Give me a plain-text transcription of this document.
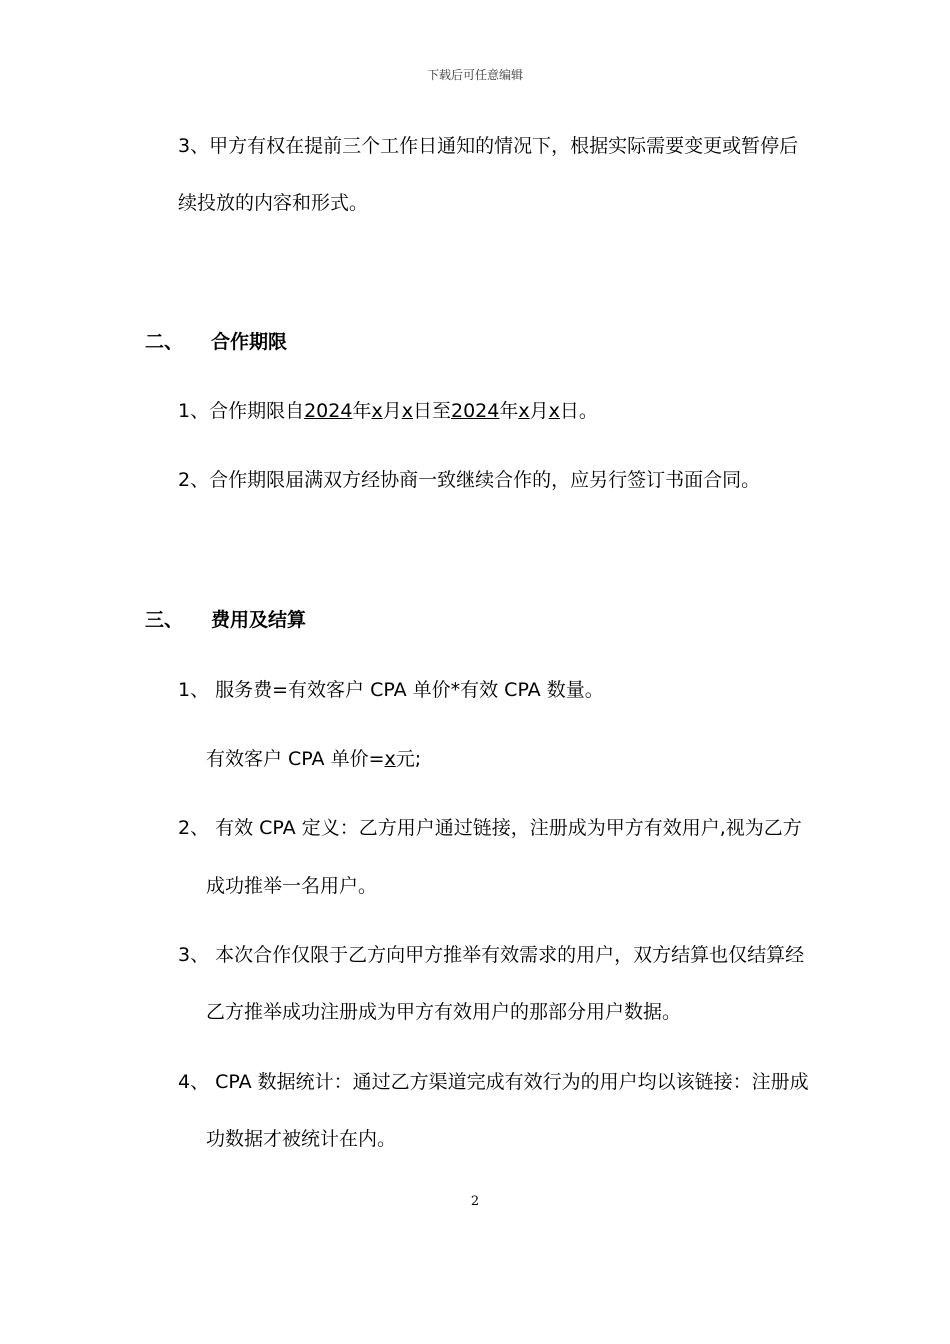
下载后可任意编辑
3、甲方有权在提前三个工作日通知的情况下，根据实际需要变更或暂停后
续投放的内容和形式。
二、 合作期限
1、合作期限自2024年x月x日至2024年x月x日。
2、合作期限届满双方经协商一致继续合作的，应另行签订书面合同。
三、 费用及结算
1、 服务费=有效客户 CPA 单价*有效 CPA 数量。
有效客户 CPA 单价=x元;
2、 有效 CPA 定义：乙方用户通过链接，注册成为甲方有效用户,视为乙方
成功推举一名用户。
3、 本次合作仅限于乙方向甲方推举有效需求的用户，双方结算也仅结算经
乙方推举成功注册成为甲方有效用户的那部分用户数据。
4、 CPA 数据统计：通过乙方渠道完成有效行为的用户均以该链接：注册成
功数据才被统计在内。
2
